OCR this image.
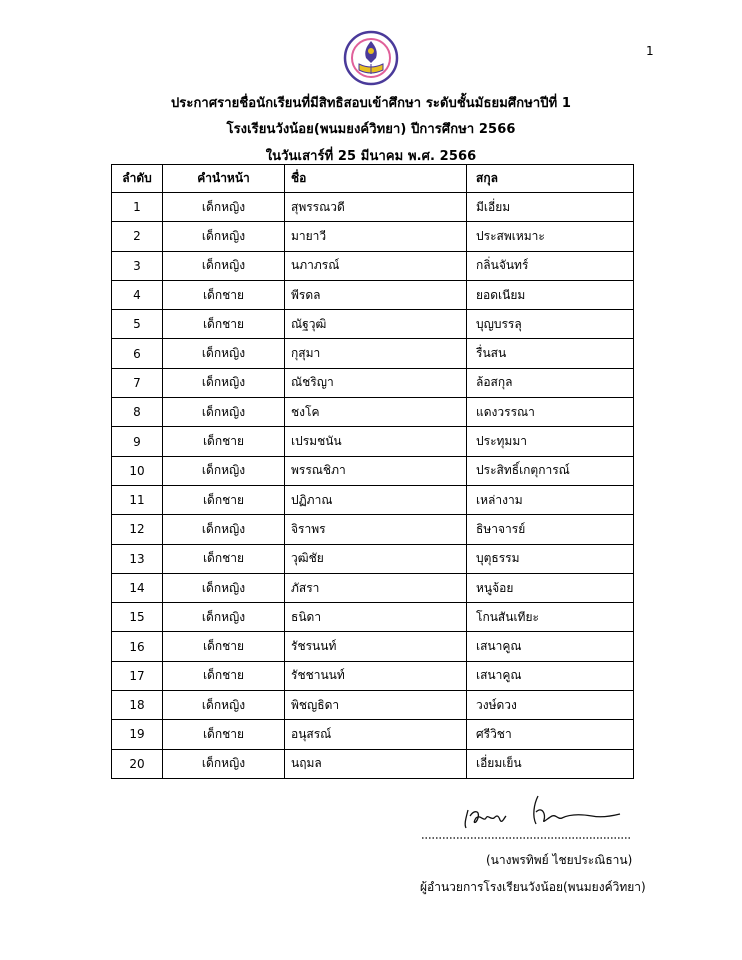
1
ประกาศรายชื่อนักเรียนที่มีสิทธิสอบเข้าศึกษา ระดับชั้นมัธยมศึกษาปีที่ 1
โรงเรียนวังน้อย(พนมยงค์วิทยา) ปีการศึกษา 2566
ในวันเสาร์ที่ 25 มีนาคม พ.ศ. 2566
ลำดับ	คำนำหน้า	ชื่อ	สกุล
1	เด็กหญิง	สุพรรณวดี	มีเอี่ยม
2	เด็กหญิง	มายาวี	ประสพเหมาะ
3	เด็กหญิง	นภาภรณ์	กลิ่นจันทร์
4	เด็กชาย	พีรดล	ยอดเนียม
5	เด็กชาย	ณัฐวุฒิ	บุญบรรลุ
6	เด็กหญิง	กุสุมา	รื่นสน
7	เด็กหญิง	ณัชริญา	ล้อสกุล
8	เด็กหญิง	ชงโค	แดงวรรณา
9	เด็กชาย	เปรมชนัน	ประทุมมา
10	เด็กหญิง	พรรณชิภา	ประสิทธิ์เกตุการณ์
11	เด็กชาย	ปฏิภาณ	เหล่างาม
12	เด็กหญิง	จิราพร	ธิษาจารย์
13	เด็กชาย	วุฒิชัย	บุตุธรรม
14	เด็กหญิง	ภัสรา	หนูจ้อย
15	เด็กหญิง	ธนิดา	โกนสันเทียะ
16	เด็กชาย	รัชรนนท์	เสนาคูณ
17	เด็กชาย	รัชชานนท์	เสนาคูณ
18	เด็กหญิง	พิชญธิดา	วงษ์ดวง
19	เด็กชาย	อนุสรณ์	ศรีวิชา
20	เด็กหญิง	นฤมล	เอี่ยมเย็น
(นางพรทิพย์ ไชยประณิธาน)
ผู้อำนวยการโรงเรียนวังน้อย(พนมยงค์วิทยา)
